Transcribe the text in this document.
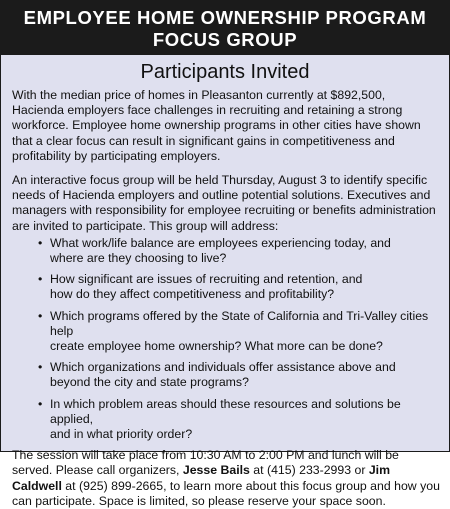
EMPLOYEE HOME OWNERSHIP PROGRAM
FOCUS GROUP
Participants Invited

With the median price of homes in Pleasanton currently at $892,500, Hacienda employers face challenges in recruiting and retaining a strong workforce. Employee home ownership programs in other cities have shown that a clear focus can result in significant gains in competitiveness and profitability by participating employers.

An interactive focus group will be held Thursday, August 3 to identify specific needs of Hacienda employers and outline potential solutions. Executives and managers with responsibility for employee recruiting or benefits administration are invited to participate. This group will address:

• What work/life balance are employees experiencing today, and
where are they choosing to live?
• How significant are issues of recruiting and retention, and
how do they affect competitiveness and profitability?
• Which programs offered by the State of California and Tri-Valley cities help
create employee home ownership? What more can be done?
• Which organizations and individuals offer assistance above and
beyond the city and state programs?
• In which problem areas should these resources and solutions be applied,
and in what priority order?

The session will take place from 10:30 AM to 2:00 PM and lunch will be served. Please call organizers, Jesse Bails at (415) 233-2993 or Jim Caldwell at (925) 899-2665, to learn more about this focus group and how you can participate. Space is limited, so please reserve your space soon.
